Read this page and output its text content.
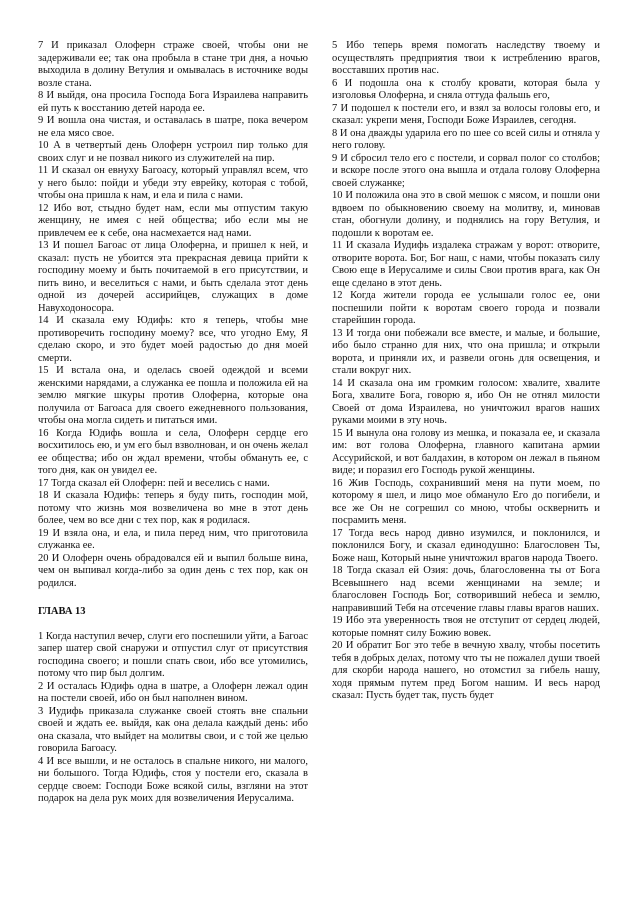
7 И приказал Олоферн страже своей, чтобы они не задерживали ее; так она пробыла в стане три дня, а ночью выходила в долину Ветулия и омывалась в источнике воды возле стана.

8 И выйдя, она просила Господа Бога Израилева направить ей путь к восстанию детей народа ее.

9 И вошла она чистая, и оставалась в шатре, пока вечером не ела мясо свое.

10 А в четвертый день Олоферн устроил пир только для своих слуг и не позвал никого из служителей на пир.

11 И сказал он евнуху Багоасу, который управлял всем, что у него было: пойди и убеди эту еврейку, которая с тобой, чтобы она пришла к нам, и ела и пила с нами.

12 Ибо вот, стыдно будет нам, если мы отпустим такую женщину, не имея с ней общества; ибо если мы не привлечем ее к себе, она насмехается над нами.

13 И пошел Багоас от лица Олоферна, и пришел к ней, и сказал: пусть не убоится эта прекрасная девица прийти к господину моему и быть почитаемой в его присутствии, и пить вино, и веселиться с нами, и быть сделала этот день одной из дочерей ассирийцев, служащих в доме Навуходоносора.

14 И сказала ему Юдифь: кто я теперь, чтобы мне противоречить господину моему? все, что угодно Ему, Я сделаю скоро, и это будет моей радостью до дня моей смерти.

15 И встала она, и оделась своей одеждой и всеми женскими нарядами, а служанка ее пошла и положила ей на землю мягкие шкуры против Олоферна, которые она получила от Багоаса для своего ежедневного пользования, чтобы она могла сидеть и питаться ими.

16 Когда Юдифь вошла и села, Олоферн сердце его восхитилось ею, и ум его был взволнован, и он очень желал ее общества; ибо он ждал времени, чтобы обмануть ее, с того дня, как он увидел ее.

17 Тогда сказал ей Олоферн: пей и веселись с нами.

18 И сказала Юдифь: теперь я буду пить, господин мой, потому что жизнь моя возвеличена во мне в этот день более, чем во все дни с тех пор, как я родилася.

19 И взяла она, и ела, и пила перед ним, что приготовила служанка ее.

20 И Олоферн очень обрадовался ей и выпил больше вина, чем он выпивал когда-либо за один день с тех пор, как он родился.

ГЛАВА 13

1 Когда наступил вечер, слуги его поспешили уйти, а Багоас запер шатер свой снаружи и отпустил слуг от присутствия господина своего; и пошли спать свои, ибо все утомились, потому что пир был долгим.

2 И осталась Юдифь одна в шатре, а Олоферн лежал один на постели своей, ибо он был наполнен вином.

3 Иудифь приказала служанке своей стоять вне спальни своей и ждать ее. выйдя, как она делала каждый день: ибо она сказала, что выйдет на молитвы свои, и с той же целью говорила Багоасу.

4 И все вышли, и не осталось в спальне никого, ни малого, ни большого. Тогда Юдифь, стоя у постели его, сказала в сердце своем: Господи Боже всякой силы, взгляни на этот подарок на дела рук моих для возвеличения Иерусалима.

5 Ибо теперь время помогать наследству твоему и осуществлять предприятия твои к истреблению врагов, восставших против нас.

6 И подошла она к столбу кровати, которая была у изголовья Олоферна, и сняла оттуда фальшь его,

7 И подошел к постели его, и взял за волосы головы его, и сказал: укрепи меня, Господи Боже Израилев, сегодня.

8 И она дважды ударила его по шее со всей силы и отняла у него голову.

9 И сбросил тело его с постели, и сорвал полог со столбов; и вскоре после этого она вышла и отдала голову Олоферна своей служанке;

10 И положила она это в свой мешок с мясом, и пошли они вдвоем по обыкновению своему на молитву, и, миновав стан, обогнули долину, и поднялись на гору Ветулия, и подошли к воротам ее.

11 И сказала Иудифь издалека стражам у ворот: отворите, отворите ворота. Бог, Бог наш, с нами, чтобы показать силу Свою еще в Иерусалиме и силы Свои против врага, как Он еще сделано в этот день.

12 Когда жители города ее услышали голос ее, они поспешили пойти к воротам своего города и позвали старейшин города.

13 И тогда они побежали все вместе, и малые, и большие, ибо было странно для них, что она пришла; и открыли ворота, и приняли их, и развели огонь для освещения, и стали вокруг них.

14 И сказала она им громким голосом: хвалите, хвалите Бога, хвалите Бога, говорю я, ибо Он не отнял милости Своей от дома Израилева, но уничтожил врагов наших руками моими в эту ночь.

15 И вынула она голову из мешка, и показала ее, и сказала им: вот голова Олоферна, главного капитана армии Ассурийской, и вот балдахин, в котором он лежал в пьяном виде; и поразил его Господь рукой женщины.

16 Жив Господь, сохранивший меня на пути моем, по которому я шел, и лицо мое обмануло Его до погибели, и все же Он не согрешил со мною, чтобы осквернить и посрамить меня.

17 Тогда весь народ дивно изумился, и поклонился, и поклонился Богу, и сказал единодушно: Благословен Ты, Боже наш, Который ныне уничтожил врагов народа Твоего.

18 Тогда сказал ей Озия: дочь, благословенна ты от Бога Всевышнего над всеми женщинами на земле; и благословен Господь Бог, сотворивший небеса и землю, направивший Тебя на отсечение главы главы врагов наших.

19 Ибо эта уверенность твоя не отступит от сердец людей, которые помнят силу Божию вовек.

20 И обратит Бог это тебе в вечную хвалу, чтобы посетить тебя в добрых делах, потому что ты не пожалел души твоей для скорби народа нашего, но отомстил за гибель нашу, ходя прямым путем пред Богом нашим. И весь народ сказал: Пусть будет так, пусть будет
